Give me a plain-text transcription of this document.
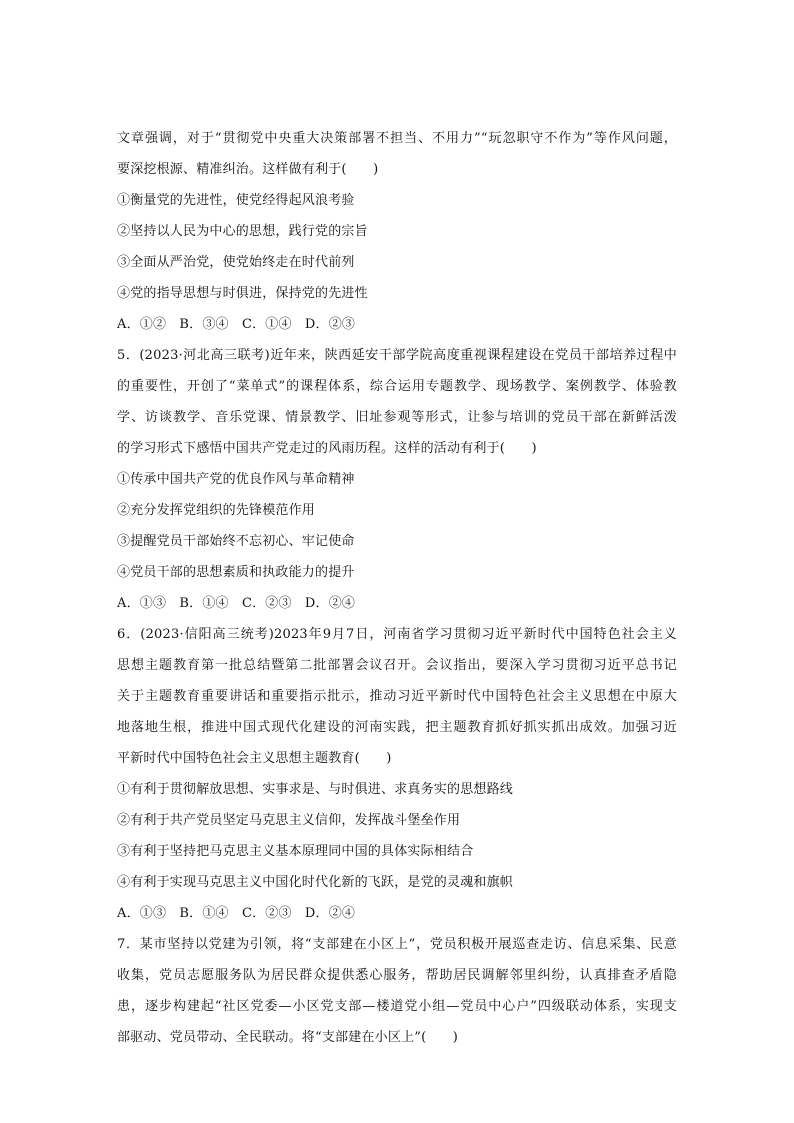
文章强调，对于“贯彻党中央重大决策部署不担当、不用力”“玩忽职守不作为”等作风问题，
要深挖根源、精准纠治。这样做有利于(　　)
①衡量党的先进性，使党经得起风浪考验
②坚持以人民为中心的思想，践行党的宗旨
③全面从严治党，使党始终走在时代前列
④党的指导思想与时俱进，保持党的先进性
A．①②　B．③④　C．①④　D．②③
5．(2023·河北高三联考)近年来，陕西延安干部学院高度重视课程建设在党员干部培养过程中
的重要性，开创了“菜单式”的课程体系，综合运用专题教学、现场教学、案例教学、体验教
学、访谈教学、音乐党课、情景教学、旧址参观等形式，让参与培训的党员干部在新鲜活泼
的学习形式下感悟中国共产党走过的风雨历程。这样的活动有利于(　　)
①传承中国共产党的优良作风与革命精神
②充分发挥党组织的先锋模范作用
③提醒党员干部始终不忘初心、牢记使命
④党员干部的思想素质和执政能力的提升
A．①③　B．①④　C．②③　D．②④
6．(2023·信阳高三统考)2023年9月7日，河南省学习贯彻习近平新时代中国特色社会主义
思想主题教育第一批总结暨第二批部署会议召开。会议指出，要深入学习贯彻习近平总书记
关于主题教育重要讲话和重要指示批示，推动习近平新时代中国特色社会主义思想在中原大
地落地生根，推进中国式现代化建设的河南实践，把主题教育抓好抓实抓出成效。加强习近
平新时代中国特色社会主义思想主题教育(　　)
①有利于贯彻解放思想、实事求是、与时俱进、求真务实的思想路线
②有利于共产党员坚定马克思主义信仰，发挥战斗堡垒作用
③有利于坚持把马克思主义基本原理同中国的具体实际相结合
④有利于实现马克思主义中国化时代化新的飞跃，是党的灵魂和旗帜
A．①③　B．①④　C．②③　D．②④
7．某市坚持以党建为引领，将“支部建在小区上”，党员积极开展巡查走访、信息采集、民意
收集，党员志愿服务队为居民群众提供悉心服务，帮助居民调解邻里纠纷，认真排查矛盾隐
患，逐步构建起“社区党委—小区党支部—楼道党小组—党员中心户”四级联动体系，实现支
部驱动、党员带动、全民联动。将“支部建在小区上”(　　)
